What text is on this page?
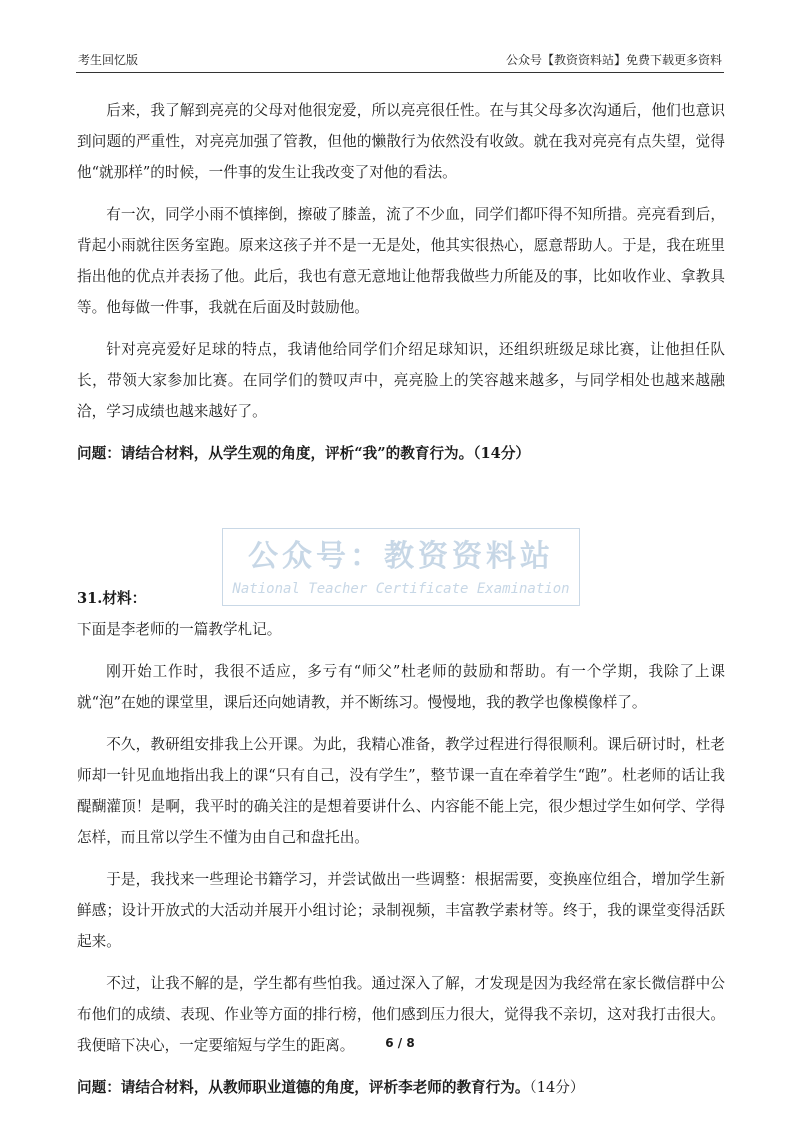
考生回忆版	公众号【教资资料站】免费下载更多资料

后来，我了解到亮亮的父母对他很宠爱，所以亮亮很任性。在与其父母多次沟通后，他们也意识到问题的严重性，对亮亮加强了管教，但他的懒散行为依然没有收敛。就在我对亮亮有点失望，觉得他“就那样”的时候，一件事的发生让我改变了对他的看法。

有一次，同学小雨不慎摔倒，擦破了膝盖，流了不少血，同学们都吓得不知所措。亮亮看到后，背起小雨就往医务室跑。原来这孩子并不是一无是处，他其实很热心，愿意帮助人。于是，我在班里指出他的优点并表扬了他。此后，我也有意无意地让他帮我做些力所能及的事，比如收作业、拿教具等。他每做一件事，我就在后面及时鼓励他。

针对亮亮爱好足球的特点，我请他给同学们介绍足球知识，还组织班级足球比赛，让他担任队长，带领大家参加比赛。在同学们的赞叹声中，亮亮脸上的笑容越来越多，与同学相处也越来越融洽，学习成绩也越来越好了。

问题：请结合材料，从学生观的角度，评析“我”的教育行为。（14分）

31.材料：

下面是李老师的一篇教学札记。

刚开始工作时，我很不适应，多亏有“师父”杜老师的鼓励和帮助。有一个学期，我除了上课就“泡”在她的课堂里，课后还向她请教，并不断练习。慢慢地，我的教学也像模像样了。

不久，教研组安排我上公开课。为此，我精心准备，教学过程进行得很顺利。课后研讨时，杜老师却一针见血地指出我上的课“只有自己，没有学生”，整节课一直在牵着学生“跑”。杜老师的话让我醍醐灌顶！是啊，我平时的确关注的是想着要讲什么、内容能不能上完，很少想过学生如何学、学得怎样，而且常以学生不懂为由自己和盘托出。

于是，我找来一些理论书籍学习，并尝试做出一些调整：根据需要，变换座位组合，增加学生新鲜感；设计开放式的大活动并展开小组讨论；录制视频，丰富教学素材等。终于，我的课堂变得活跃起来。

不过，让我不解的是，学生都有些怕我。通过深入了解，才发现是因为我经常在家长微信群中公布他们的成绩、表现、作业等方面的排行榜，他们感到压力很大，觉得我不亲切，这对我打击很大。我便暗下决心，一定要缩短与学生的距离。

问题：请结合材料，从教师职业道德的角度，评析李老师的教育行为。（14分）

公众号：教资资料站
National Teacher Certificate Examination
6 / 8
